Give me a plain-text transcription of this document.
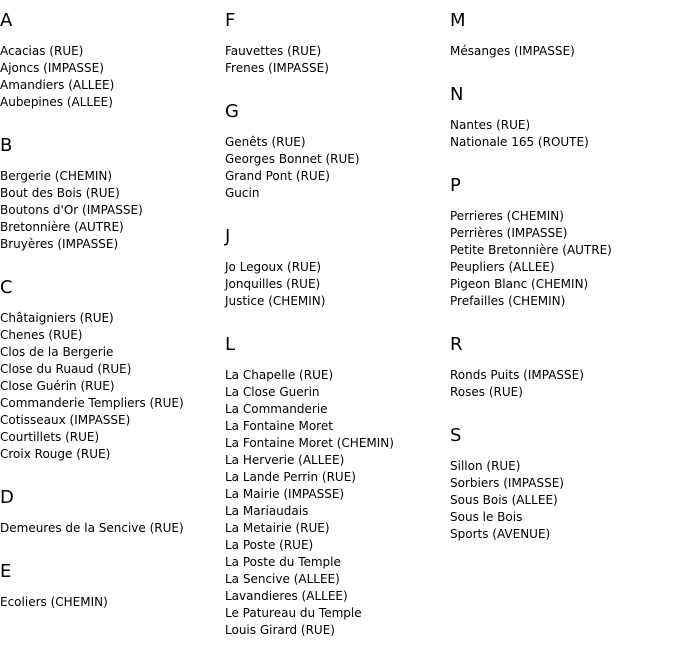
A
Acacias (RUE)
Ajoncs (IMPASSE)
Amandiers (ALLEE)
Aubepines (ALLEE)
B
Bergerie (CHEMIN)
Bout des Bois (RUE)
Boutons d'Or (IMPASSE)
Bretonnière (AUTRE)
Bruyères (IMPASSE)
C
Châtaigniers (RUE)
Chenes (RUE)
Clos de la Bergerie
Close du Ruaud (RUE)
Close Guérin (RUE)
Commanderie Templiers (RUE)
Cotisseaux (IMPASSE)
Courtillets (RUE)
Croix Rouge (RUE)
D
Demeures de la Sencive (RUE)
E
Ecoliers (CHEMIN)
F
Fauvettes (RUE)
Frenes (IMPASSE)
G
Genêts (RUE)
Georges Bonnet (RUE)
Grand Pont (RUE)
Gucin
J
Jo Legoux (RUE)
Jonquilles (RUE)
Justice (CHEMIN)
L
La Chapelle (RUE)
La Close Guerin
La Commanderie
La Fontaine Moret
La Fontaine Moret (CHEMIN)
La Herverie (ALLEE)
La Lande Perrin (RUE)
La Mairie (IMPASSE)
La Mariaudais
La Metairie (RUE)
La Poste (RUE)
La Poste du Temple
La Sencive (ALLEE)
Lavandieres (ALLEE)
Le Patureau du Temple
Louis Girard (RUE)
M
Mésanges (IMPASSE)
N
Nantes (RUE)
Nationale 165 (ROUTE)
P
Perrieres (CHEMIN)
Perrières (IMPASSE)
Petite Bretonnière (AUTRE)
Peupliers (ALLEE)
Pigeon Blanc (CHEMIN)
Prefailles (CHEMIN)
R
Ronds Puits (IMPASSE)
Roses (RUE)
S
Sillon (RUE)
Sorbiers (IMPASSE)
Sous Bois (ALLEE)
Sous le Bois
Sports (AVENUE)
